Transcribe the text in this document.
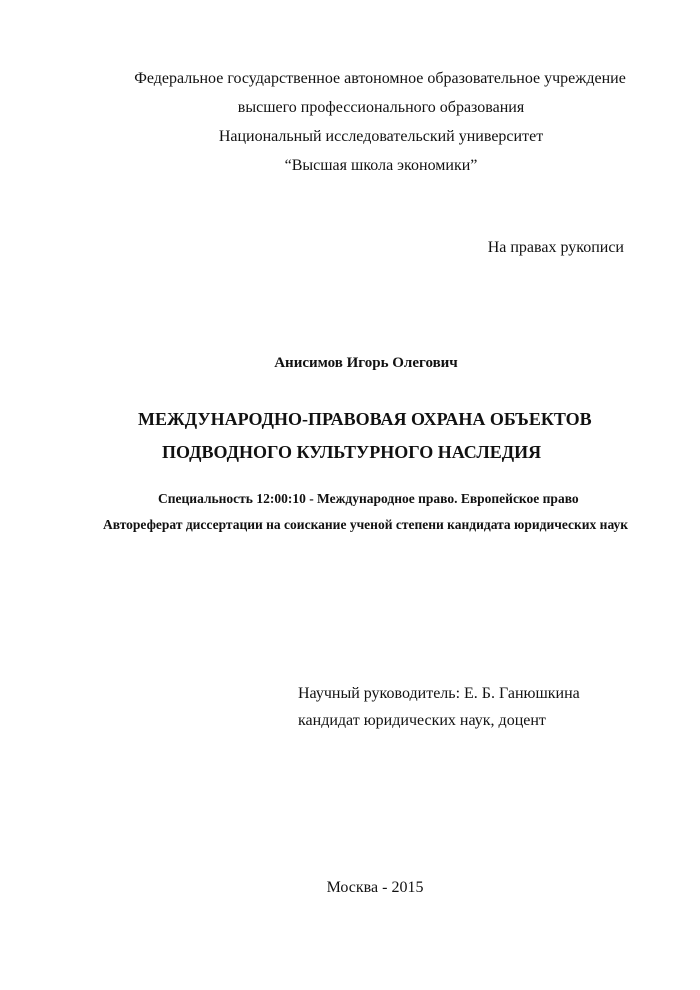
Федеральное государственное автономное образовательное учреждение
высшего профессионального образования
Национальный исследовательский университет
“Высшая школа экономики”
На правах рукописи
Анисимов Игорь Олегович
МЕЖДУНАРОДНО-ПРАВОВАЯ ОХРАНА ОБЪЕКТОВ
ПОДВОДНОГО КУЛЬТУРНОГО НАСЛЕДИЯ
Специальность 12:00:10 - Международное право. Европейское право
Автореферат диссертации на соискание ученой степени кандидата юридических наук
Научный руководитель: Е. Б. Ганюшкина
кандидат юридических наук, доцент
Москва - 2015
